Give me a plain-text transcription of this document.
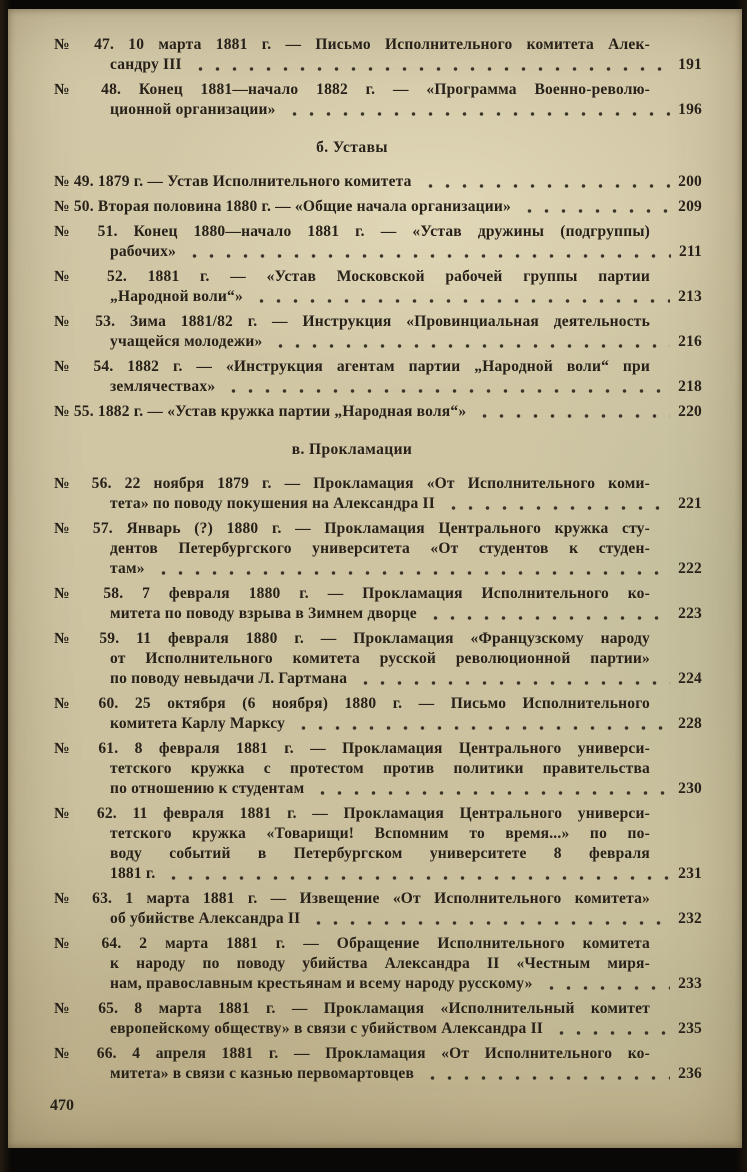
№ 47. 10 марта 1881 г. — Письмо Исполнительного комитета Алек-
сандру III	191
№ 48. Конец 1881—начало 1882 г. — «Программа Военно-револю-
ционной организации»	196
б. Уставы
№ 49. 1879 г. — Устав Исполнительного комитета	200
№ 50. Вторая половина 1880 г. — «Общие начала организации»	209
№ 51. Конец 1880—начало 1881 г. — «Устав дружины (подгруппы)
рабочих»	211
№ 52. 1881 г. — «Устав Московской рабочей группы партии
„Народной воли“»	213
№ 53. Зима 1881/82 г. — Инструкция «Провинциальная деятельность
учащейся молодежи»	216
№ 54. 1882 г. — «Инструкция агентам партии „Народной воли“ при
землячествах»	218
№ 55. 1882 г. — «Устав кружка партии „Народная воля“»	220
в. Прокламации
№ 56. 22 ноября 1879 г. — Прокламация «От Исполнительного коми-
тета» по поводу покушения на Александра II	221
№ 57. Январь (?) 1880 г. — Прокламация Центрального кружка сту-
дентов Петербургского университета «От студентов к студен-
там»	222
№ 58. 7 февраля 1880 г. — Прокламация Исполнительного ко-
митета по поводу взрыва в Зимнем дворце	223
№ 59. 11 февраля 1880 г. — Прокламация «Французскому народу
от Исполнительного комитета русской революционной партии»
по поводу невыдачи Л. Гартмана	224
№ 60. 25 октября (6 ноября) 1880 г. — Письмо Исполнительного
комитета Карлу Марксу	228
№ 61. 8 февраля 1881 г. — Прокламация Центрального универси-
тетского кружка с протестом против политики правительства
по отношению к студентам	230
№ 62. 11 февраля 1881 г. — Прокламация Центрального универси-
тетского кружка «Товарищи! Вспомним то время...» по по-
воду событий в Петербургском университете 8 февраля
1881 г.	231
№ 63. 1 марта 1881 г. — Извещение «От Исполнительного комитета»
об убийстве Александра II	232
№ 64. 2 марта 1881 г. — Обращение Исполнительного комитета
к народу по поводу убийства Александра II «Честным миря-
нам, православным крестьянам и всему народу русскому»	233
№ 65. 8 марта 1881 г. — Прокламация «Исполнительный комитет
европейскому обществу» в связи с убийством Александра II	235
№ 66. 4 апреля 1881 г. — Прокламация «От Исполнительного ко-
митета» в связи с казнью первомартовцев	236
470
